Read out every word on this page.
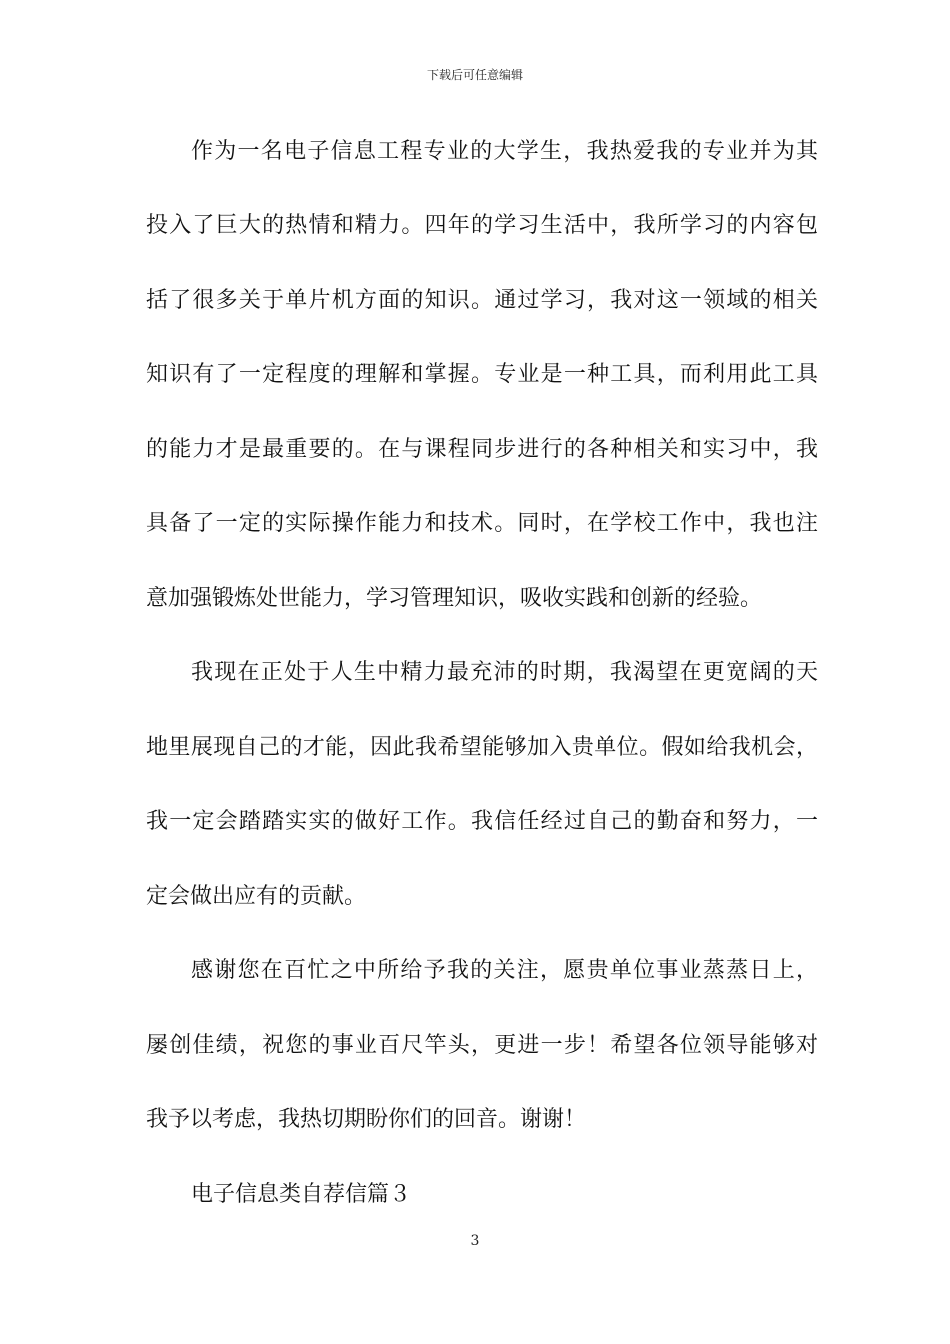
下载后可任意编辑
作为一名电子信息工程专业的大学生，我热爱我的专业并为其
投入了巨大的热情和精力。四年的学习生活中，我所学习的内容包
括了很多关于单片机方面的知识。通过学习，我对这一领域的相关
知识有了一定程度的理解和掌握。专业是一种工具，而利用此工具
的能力才是最重要的。在与课程同步进行的各种相关和实习中，我
具备了一定的实际操作能力和技术。同时，在学校工作中，我也注
意加强锻炼处世能力，学习管理知识，吸收实践和创新的经验。
我现在正处于人生中精力最充沛的时期，我渴望在更宽阔的天
地里展现自己的才能，因此我希望能够加入贵单位。假如给我机会，
我一定会踏踏实实的做好工作。我信任经过自己的勤奋和努力，一
定会做出应有的贡献。
感谢您在百忙之中所给予我的关注，愿贵单位事业蒸蒸日上，
屡创佳绩，祝您的事业百尺竿头，更进一步！希望各位领导能够对
我予以考虑，我热切期盼你们的回音。谢谢！
电子信息类自荐信篇３
3
